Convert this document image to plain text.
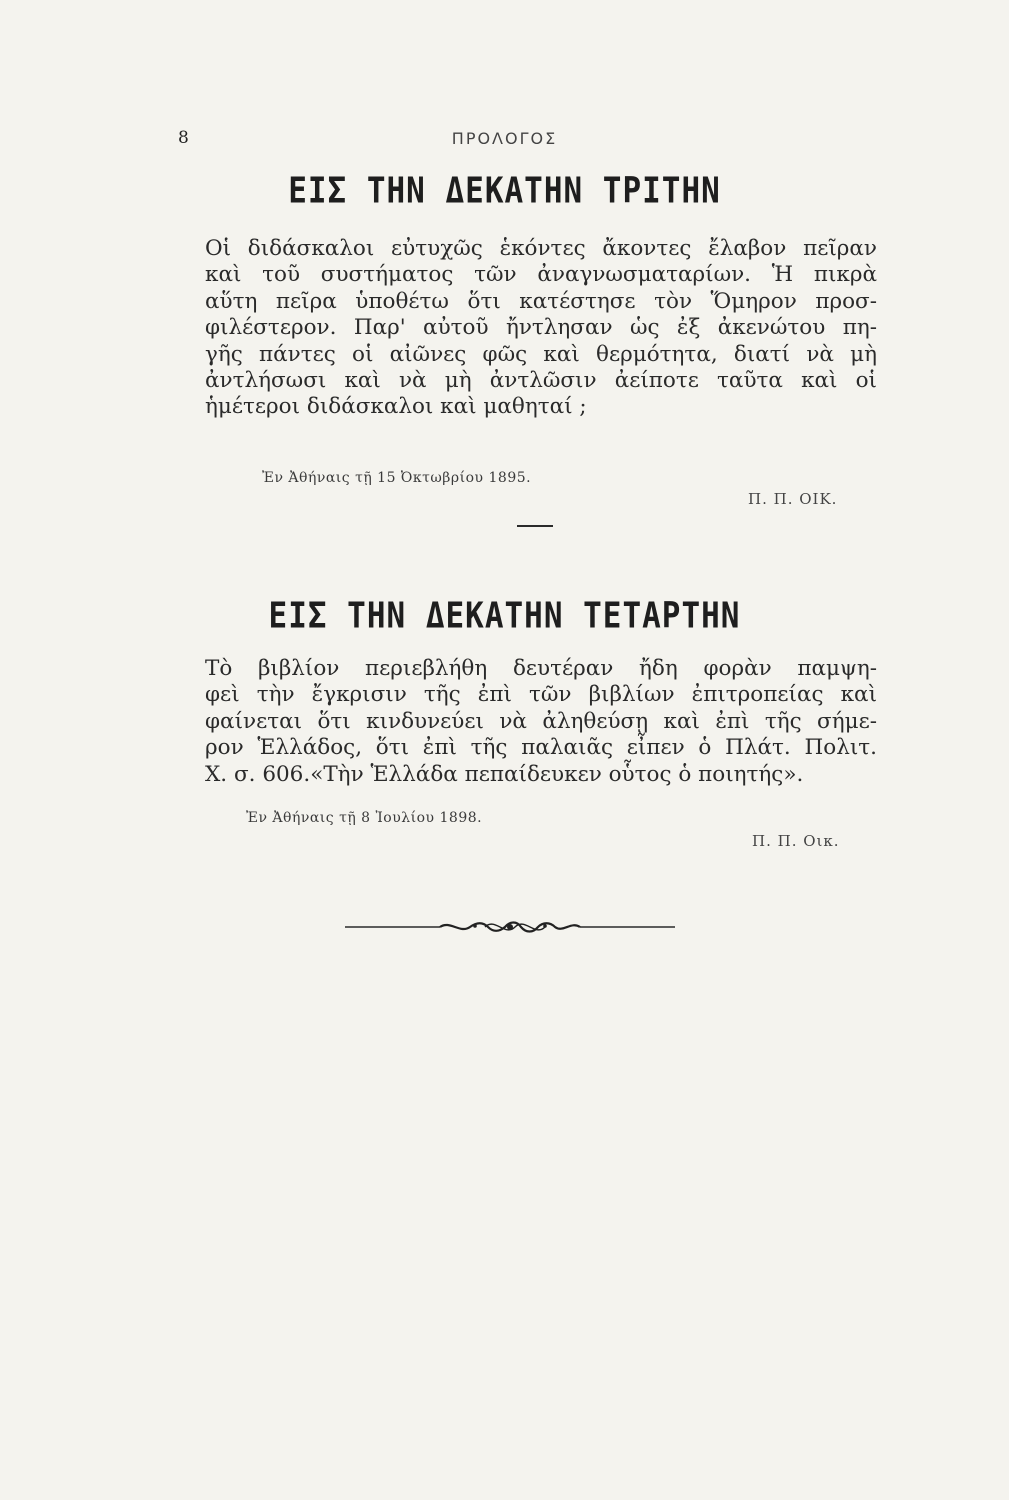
8	ΠΡΟΛΟΓΟΣ
ΕΙΣ ΤΗΝ ΔΕΚΑΤΗΝ ΤΡΙΤΗΝ
Οἱ διδάσκαλοι εὐτυχῶς ἑκόντες ἄκοντες ἔλαβον πεῖραν
καὶ τοῦ συστήματος τῶν ἀναγνωσματαρίων. Ἡ πικρὰ
αὕτη πεῖρα ὑποθέτω ὅτι κατέστησε τὸν Ὅμηρον προσ-
φιλέστερον. Παρ' αὐτοῦ ἤντλησαν ὡς ἐξ ἀκενώτου πη-
γῆς πάντες οἱ αἰῶνες φῶς καὶ θερμότητα, διατί νὰ μὴ
ἀντλήσωσι καὶ νὰ μὴ ἀντλῶσιν ἀείποτε ταῦτα καὶ οἱ
ἡμέτεροι διδάσκαλοι καὶ μαθηταί ;
Ἐν Ἀθήναις τῇ 15 Ὀκτωβρίου 1895.
Π. Π. ΟΙΚ.
ΕΙΣ ΤΗΝ ΔΕΚΑΤΗΝ ΤΕΤΑΡΤΗΝ
Τὸ βιβλίον περιεβλήθη δευτέραν ἤδη φορὰν παμψη-
φεὶ τὴν ἔγκρισιν τῆς ἐπὶ τῶν βιβλίων ἐπιτροπείας καὶ
φαίνεται ὅτι κινδυνεύει νὰ ἀληθεύσῃ καὶ ἐπὶ τῆς σήμε-
ρον Ἑλλάδος, ὅτι ἐπὶ τῆς παλαιᾶς εἶπεν ὁ Πλάτ. Πολιτ.
Χ. σ. 606.«Τὴν Ἑλλάδα πεπαίδευκεν οὗτος ὁ ποιητής».
Ἐν Ἀθήναις τῇ 8 Ἰουλίου 1898.
Π. Π. Οικ.
